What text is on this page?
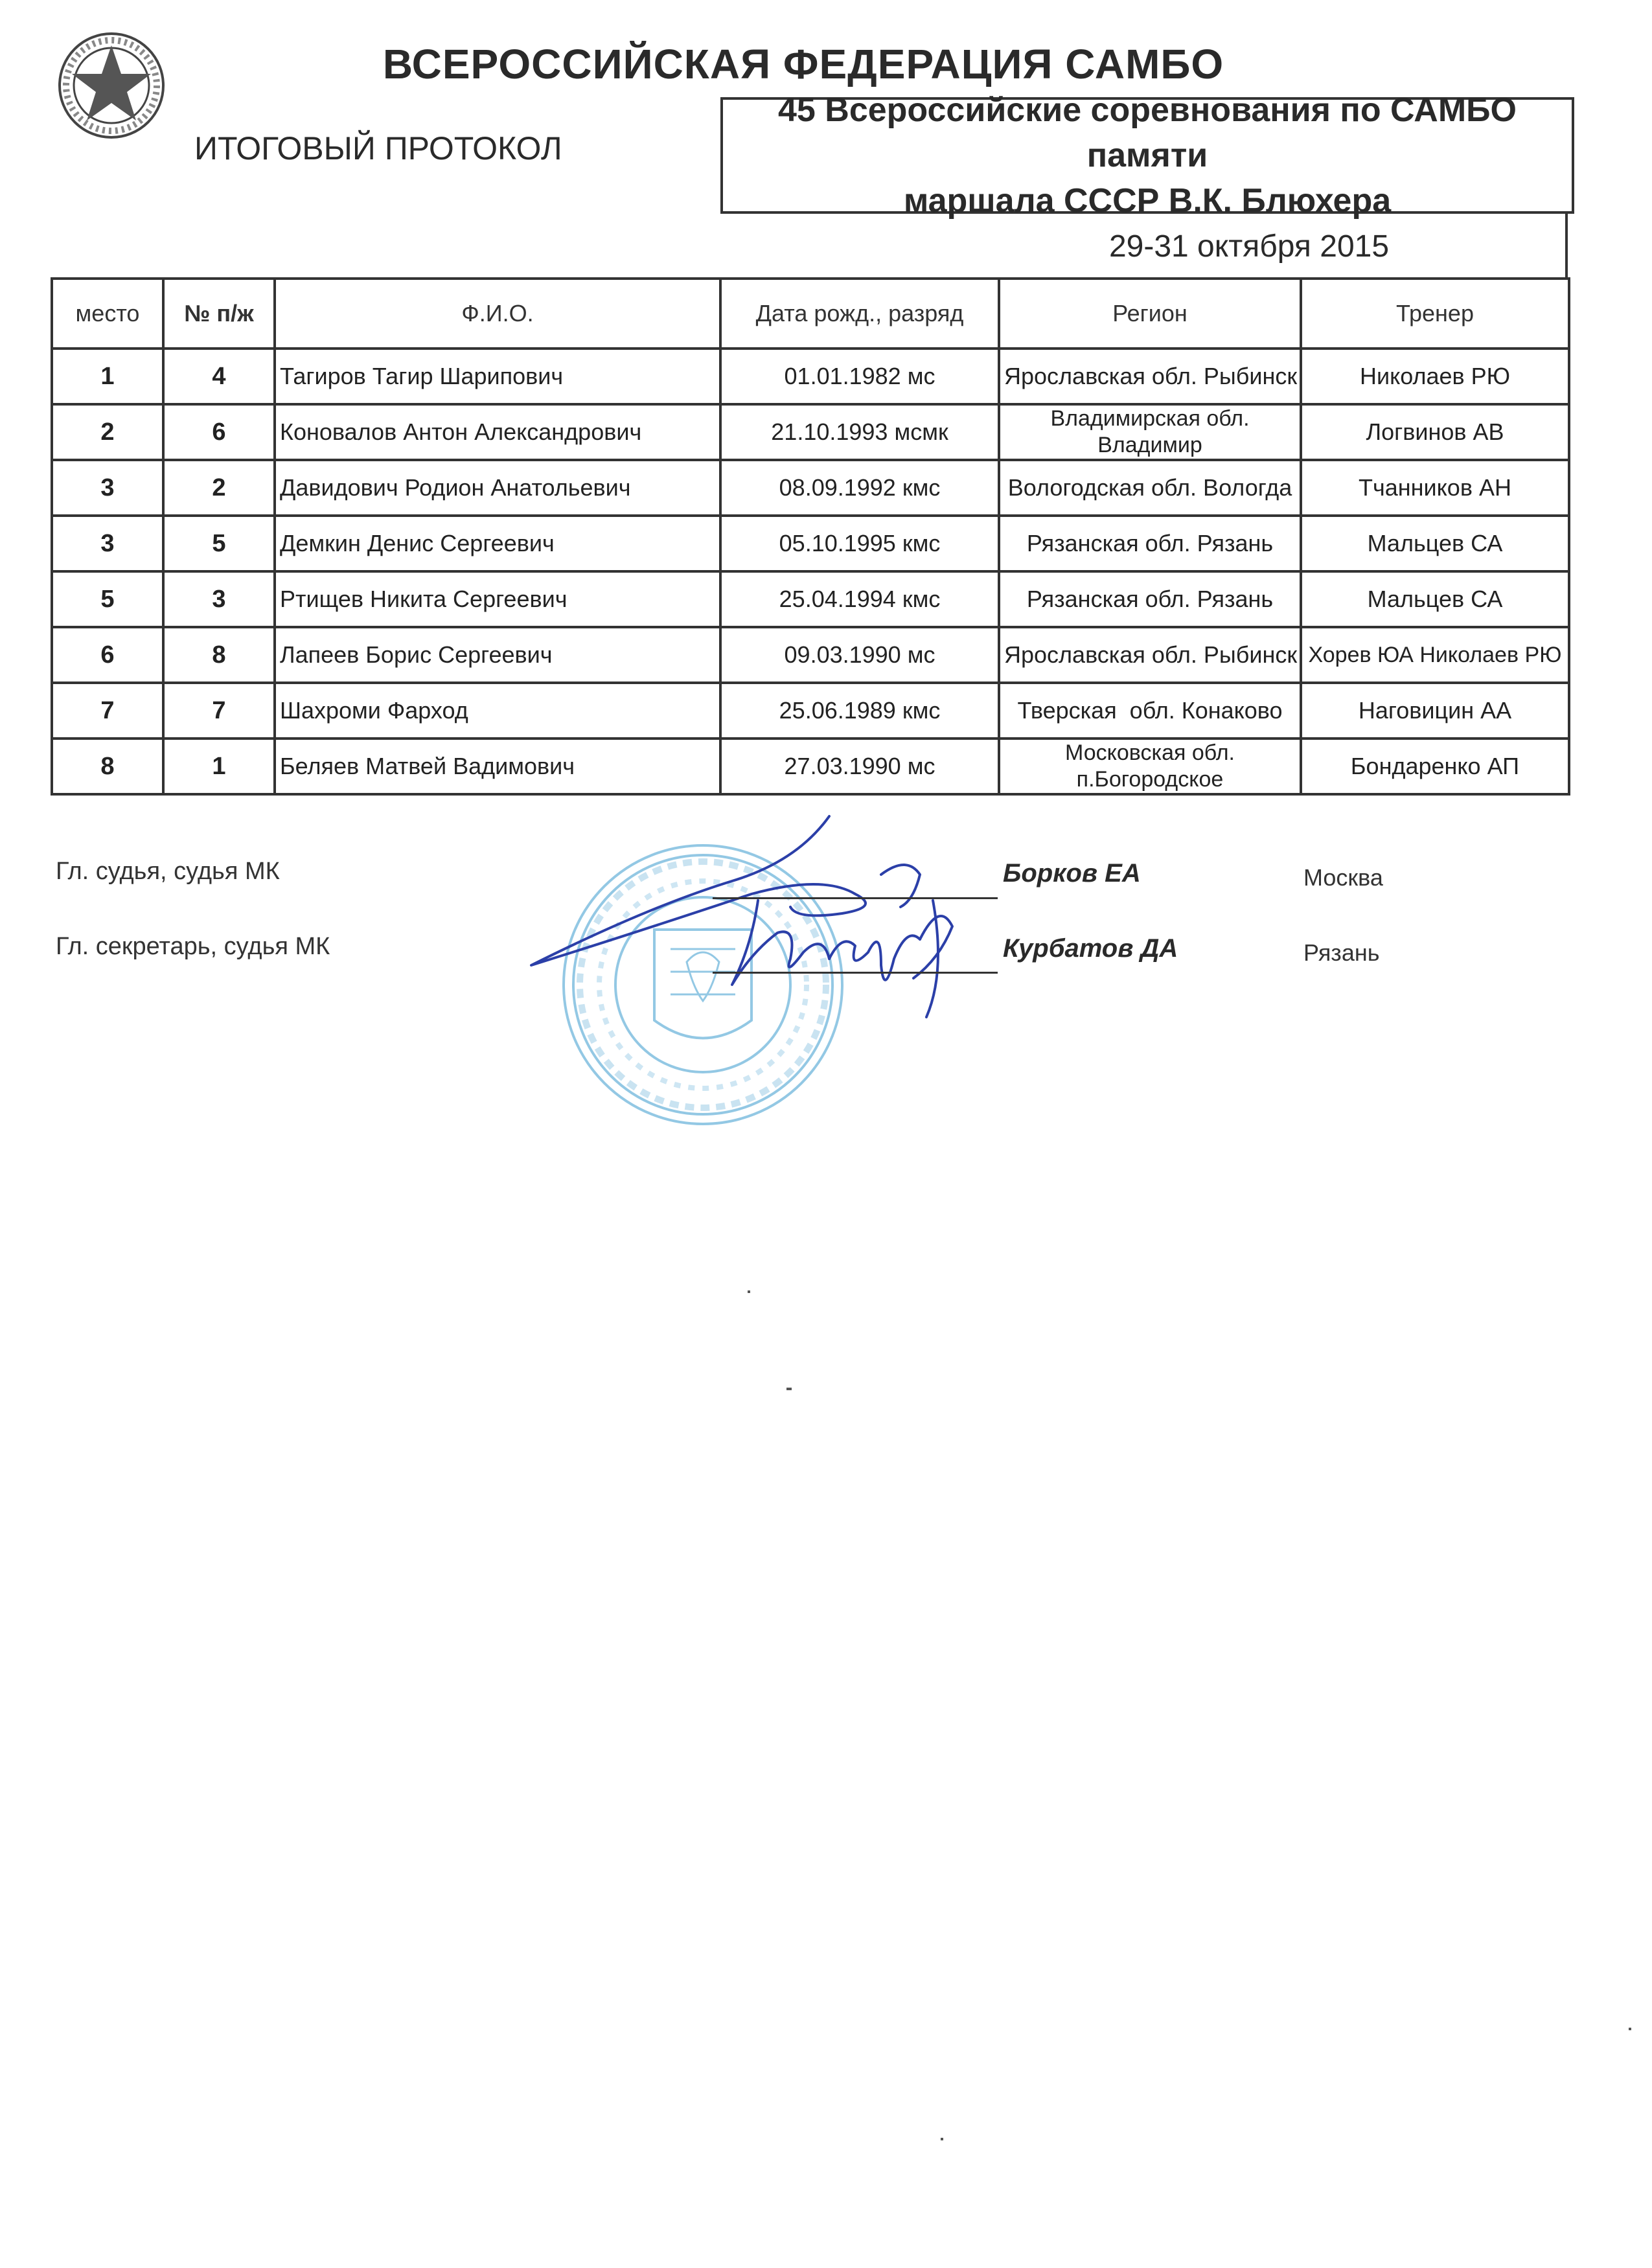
ВСЕРОССИЙСКАЯ ФЕДЕРАЦИЯ САМБО
ИТОГОВЫЙ ПРОТОКОЛ
45 Всероссийские соревнования по САМБО памяти
маршала СССР В.К. Блюхера
29-31 октября 2015
место	№ п/ж	Ф.И.О.	Дата рожд., разряд	Регион	Тренер
1	4	Тагиров Тагир Шарипович	01.01.1982 мс	Ярославская обл. Рыбинск	Николаев РЮ
2	6	Коновалов Антон Александрович	21.10.1993 мсмк	Владимирская обл. Владимир	Логвинов АВ
3	2	Давидович Родион Анатольевич	08.09.1992 кмс	Вологодская обл. Вологда	Тчанников АН
3	5	Демкин Денис Сергеевич	05.10.1995 кмс	Рязанская обл. Рязань	Мальцев СА
5	3	Ртищев Никита Сергеевич	25.04.1994 кмс	Рязанская обл. Рязань	Мальцев СА
6	8	Лапеев Борис Сергеевич	09.03.1990 мс	Ярославская обл. Рыбинск	Хорев ЮА Николаев РЮ
7	7	Шахроми Фарход	25.06.1989 кмс	Тверская  обл. Конаково	Наговицин АА
8	1	Беляев Матвей Вадимович	27.03.1990 мс	Московская обл. п.Богородское	Бондаренко АП
Гл. судья, судья МК	Борков ЕА	Москва
Гл. секретарь, судья МК	Курбатов ДА	Рязань
